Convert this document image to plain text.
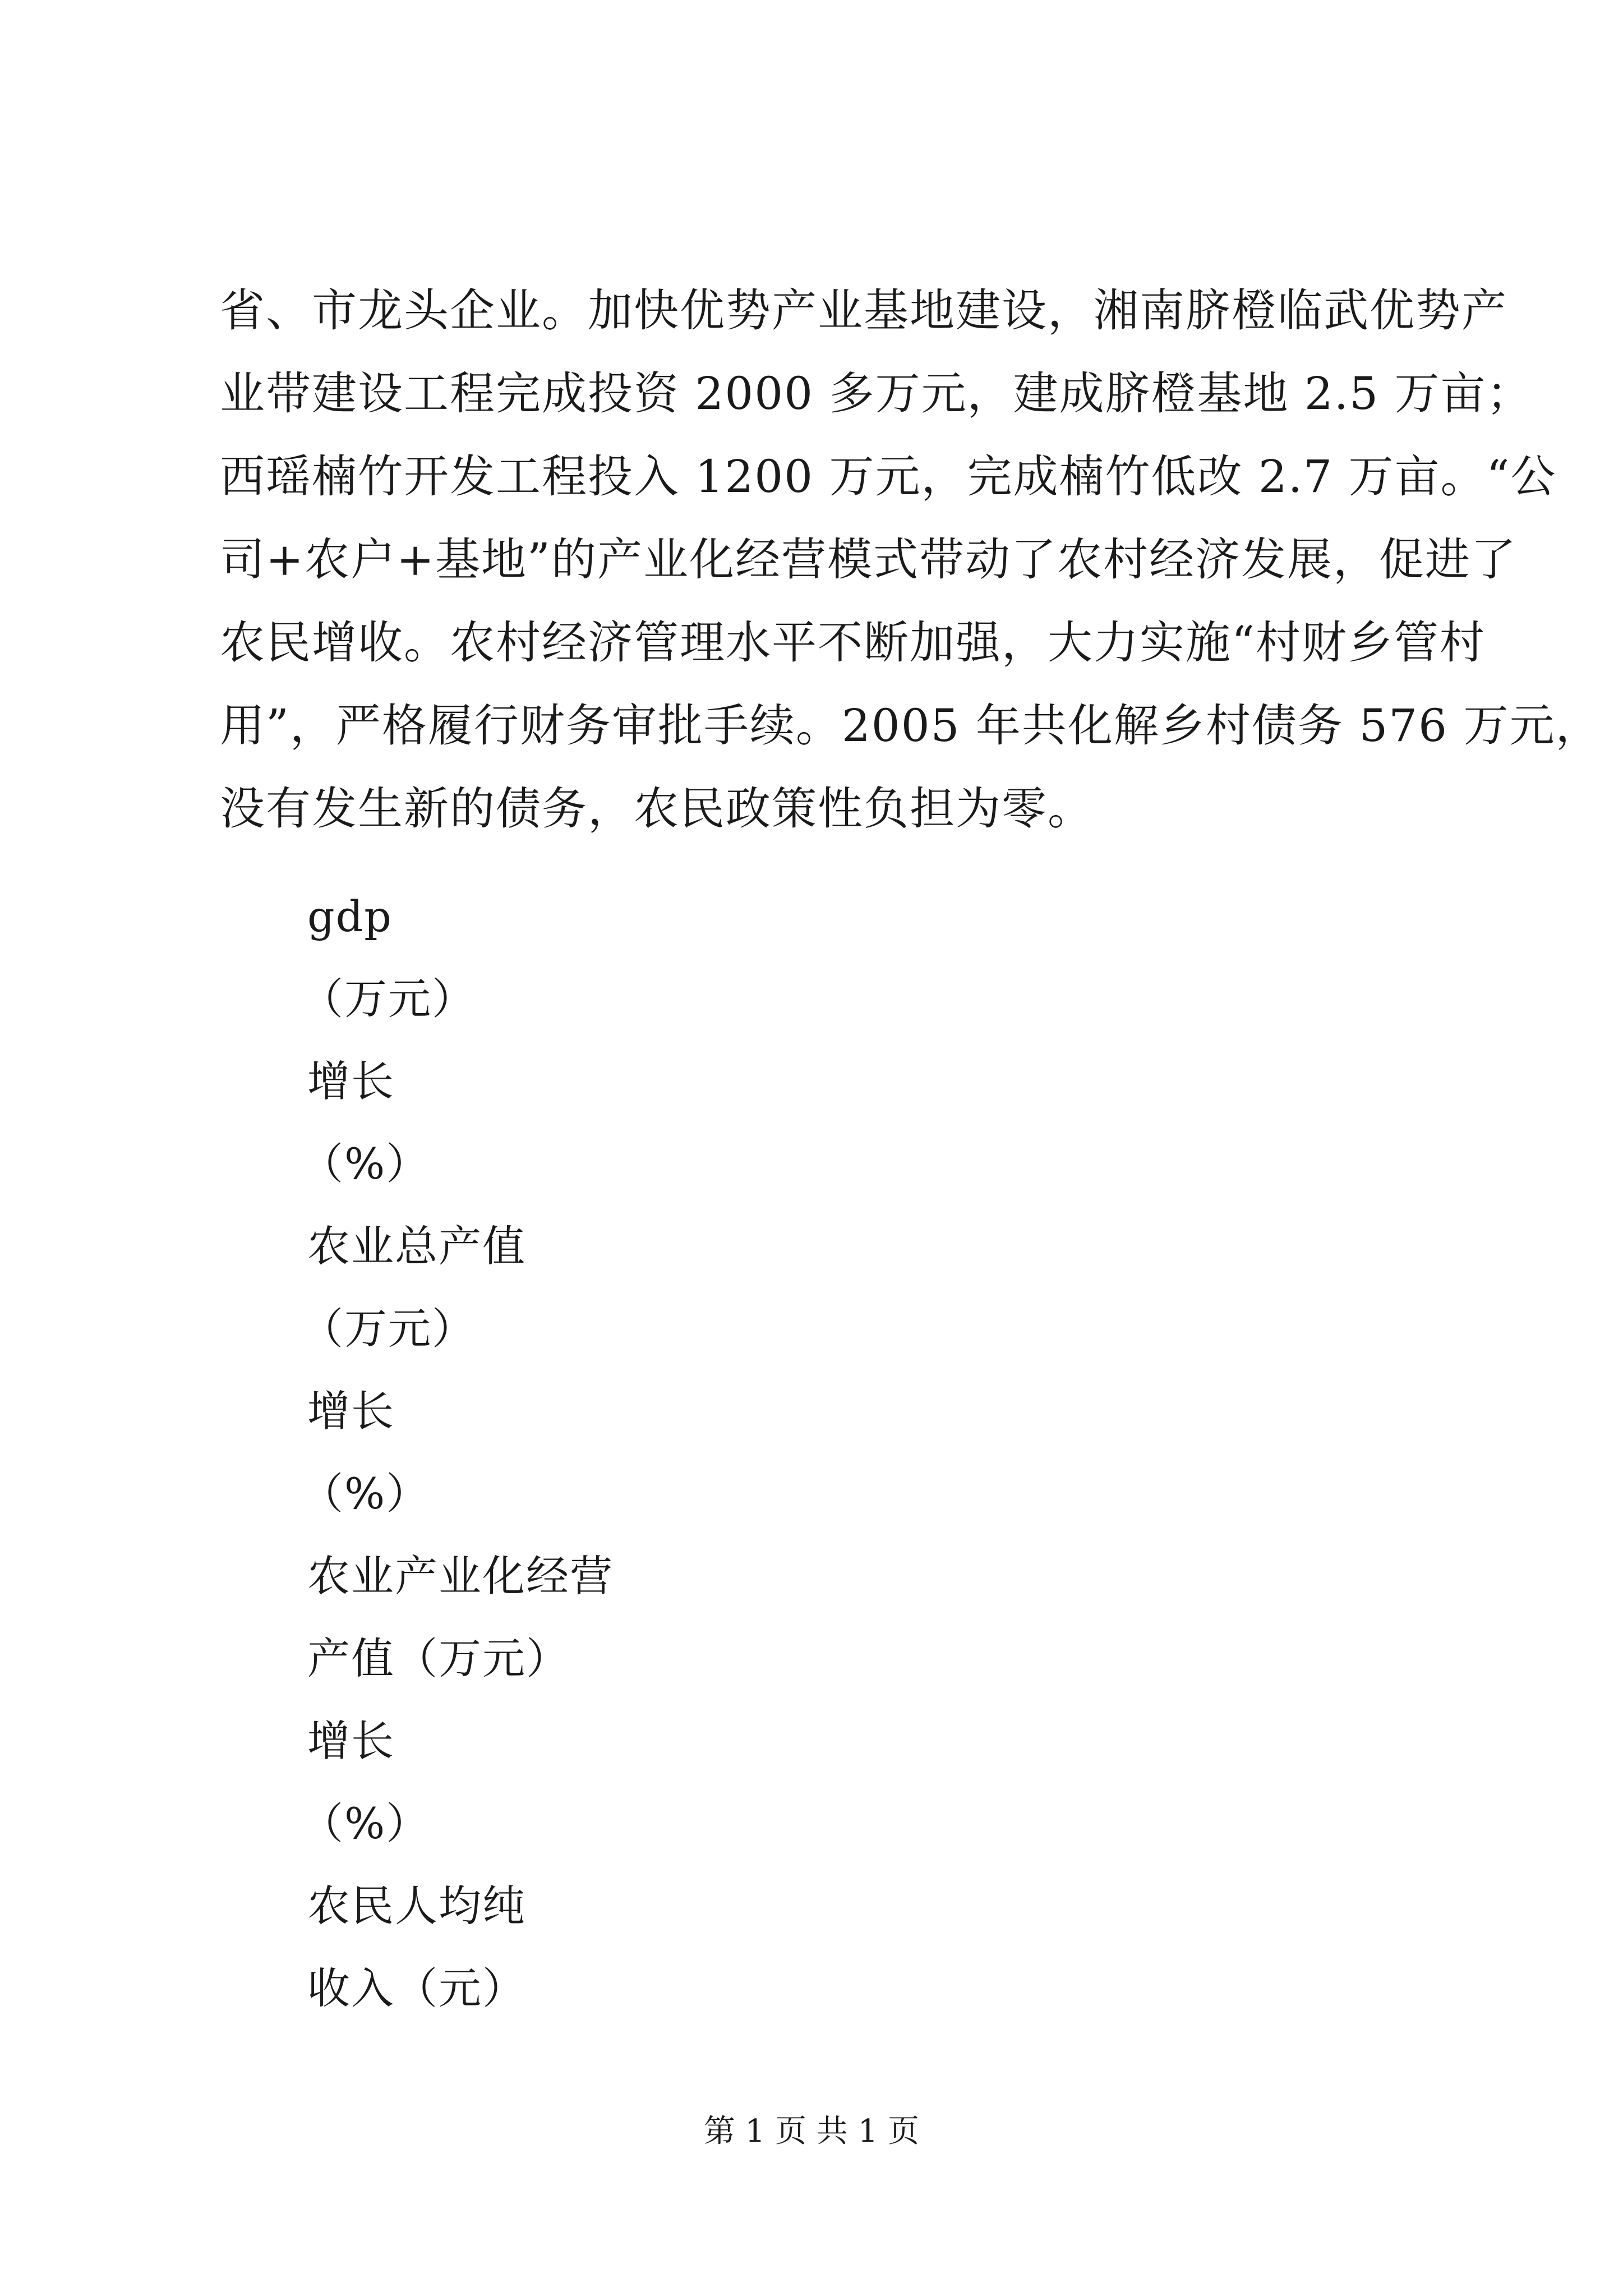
省、市龙头企业。加快优势产业基地建设，湘南脐橙临武优势产
业带建设工程完成投资 2000 多万元，建成脐橙基地 2.5 万亩；
西瑶楠竹开发工程投入 1200 万元，完成楠竹低改 2.7 万亩。“公
司+农户+基地”的产业化经营模式带动了农村经济发展，促进了
农民增收。农村经济管理水平不断加强，大力实施“村财乡管村
用”，严格履行财务审批手续。2005 年共化解乡村债务 576 万元，
没有发生新的债务，农民政策性负担为零。
gdp
（万元）
增长
（%）
农业总产值
（万元）
增长
（%）
农业产业化经营
产值（万元）
增长
（%）
农民人均纯
收入（元）
第 1 页 共 1 页
